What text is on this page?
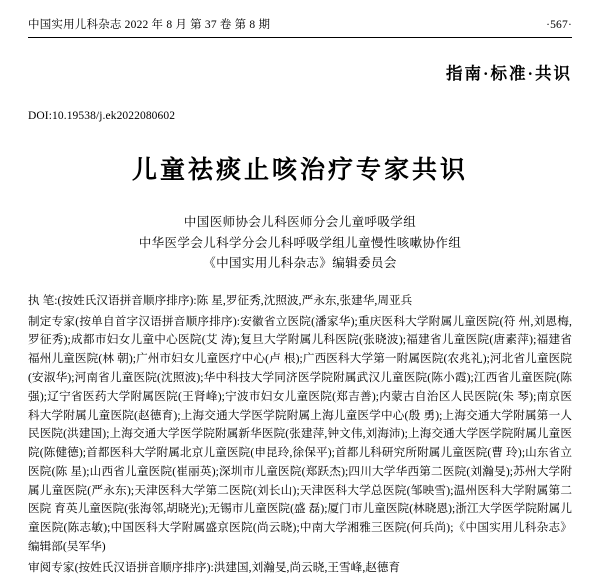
中国实用儿科杂志 2022 年 8 月 第 37 卷 第 8 期	·567·
指南·标准·共识
DOI:10.19538/j.ek2022080602
儿童祛痰止咳治疗专家共识
中国医师协会儿科医师分会儿童呼吸学组
中华医学会儿科学分会儿科呼吸学组儿童慢性咳嗽协作组
《中国实用儿科杂志》编辑委员会

执 笔:(按姓氏汉语拼音顺序排序):陈 星,罗征秀,沈照波,严永东,张建华,周亚兵

制定专家(按单自首字汉语拼音顺序排序):安徽省立医院(潘家华);重庆医科大学附属儿童医院(符 州,刘恩梅,罗征秀);成都市妇女儿童中心医院(艾 涛);复旦大学附属儿科医院(张晓波);福建省儿童医院(唐素萍);福建省福州儿童医院(林 朝);广州市妇女儿童医疗中心(卢 根);广西医科大学第一附属医院(农兆礼);河北省儿童医院(安淑华);河南省儿童医院(沈照波);华中科技大学同济医学院附属武汉儿童医院(陈小霞);江西省儿童医院(陈 强);辽宁省医药大学附属医院(王肾峰);宁波市妇女儿童医院(郑吉善);内蒙古自治区人民医院(朱 琴);南京医科大学附属儿童医院(赵德育);上海交通大学医学院附属上海儿童医学中心(殷 勇);上海交通大学附属第一人民医院(洪建国);上海交通大学医学院附属新华医院(张建萍,钟文伟,刘海沛);上海交通大学医学院附属儿童医院(陈健德);首都医科大学附属北京儿童医院(申昆玲,徐保平);首都儿科研究所附属儿童医院(曹 玲);山东省立医院(陈 星);山西省儿童医院(崔丽英);深圳市儿童医院(郑跃杰);四川大学华西第二医院(刘瀚旻);苏州大学附属儿童医院(严永东);天津医科大学第二医院(刘长山);天津医科大学总医院(邹映雪);温州医科大学附属第二医院 育英儿童医院(张海邻,胡晓光);无锡市儿童医院(盛 磊);厦门市儿童医院(林晓恩);浙江大学医学院附属儿童医院(陈志敏);中国医科大学附属盛京医院(尚云晓);中南大学湘雅三医院(何兵尚);《中国实用儿科杂志》编辑部(吴军华)

审阅专家(按姓氏汉语拼音顺序排序):洪建国,刘瀚旻,尚云晓,王雪峰,赵德育
